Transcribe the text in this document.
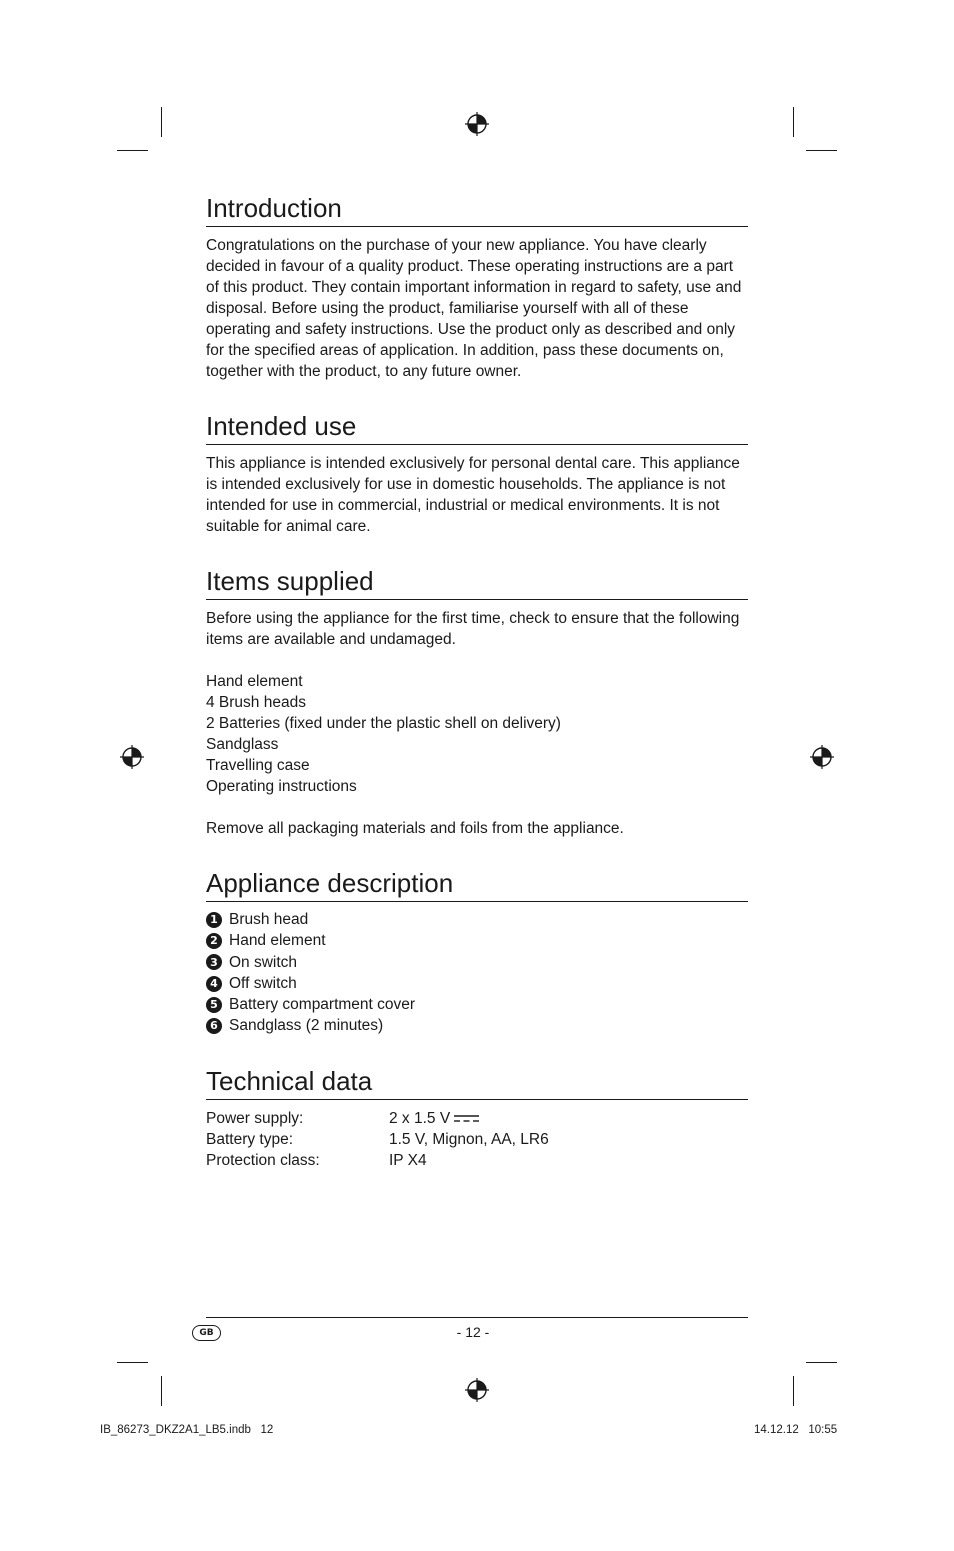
Introduction

Congratulations on the purchase of your new appliance. You have clearly decided in favour of a quality product. These operating instructions are a part of this product. They contain important information in regard to safety, use and disposal. Before using the product, familiarise yourself with all of these operating and safety instructions. Use the product only as described and only for the specified areas of application. In addition, pass these documents on, together with the product, to any future owner.

Intended use

This appliance is intended exclusively for personal dental care. This appliance is intended exclusively for use in domestic households. The appliance is not intended for use in commercial, industrial or medical environments. It is not suitable for animal care.

Items supplied

Before using the appliance for the first time, check to ensure that the following items are available and undamaged.

Hand element
4 Brush heads
2 Batteries (fixed under the plastic shell on delivery)
Sandglass
Travelling case
Operating instructions

Remove all packaging materials and foils from the appliance.

Appliance description
1 Brush head
2 Hand element
3 On switch
4 Off switch
5 Battery compartment cover
6 Sandglass (2 minutes)
Technical data
Power supply:	2 x 1.5 V
Battery type:	1.5 V, Mignon, AA, LR6
Protection class:	IP X4
GB	- 12 -
IB_86273_DKZ2A1_LB5.indb   12	14.12.12   10:55
